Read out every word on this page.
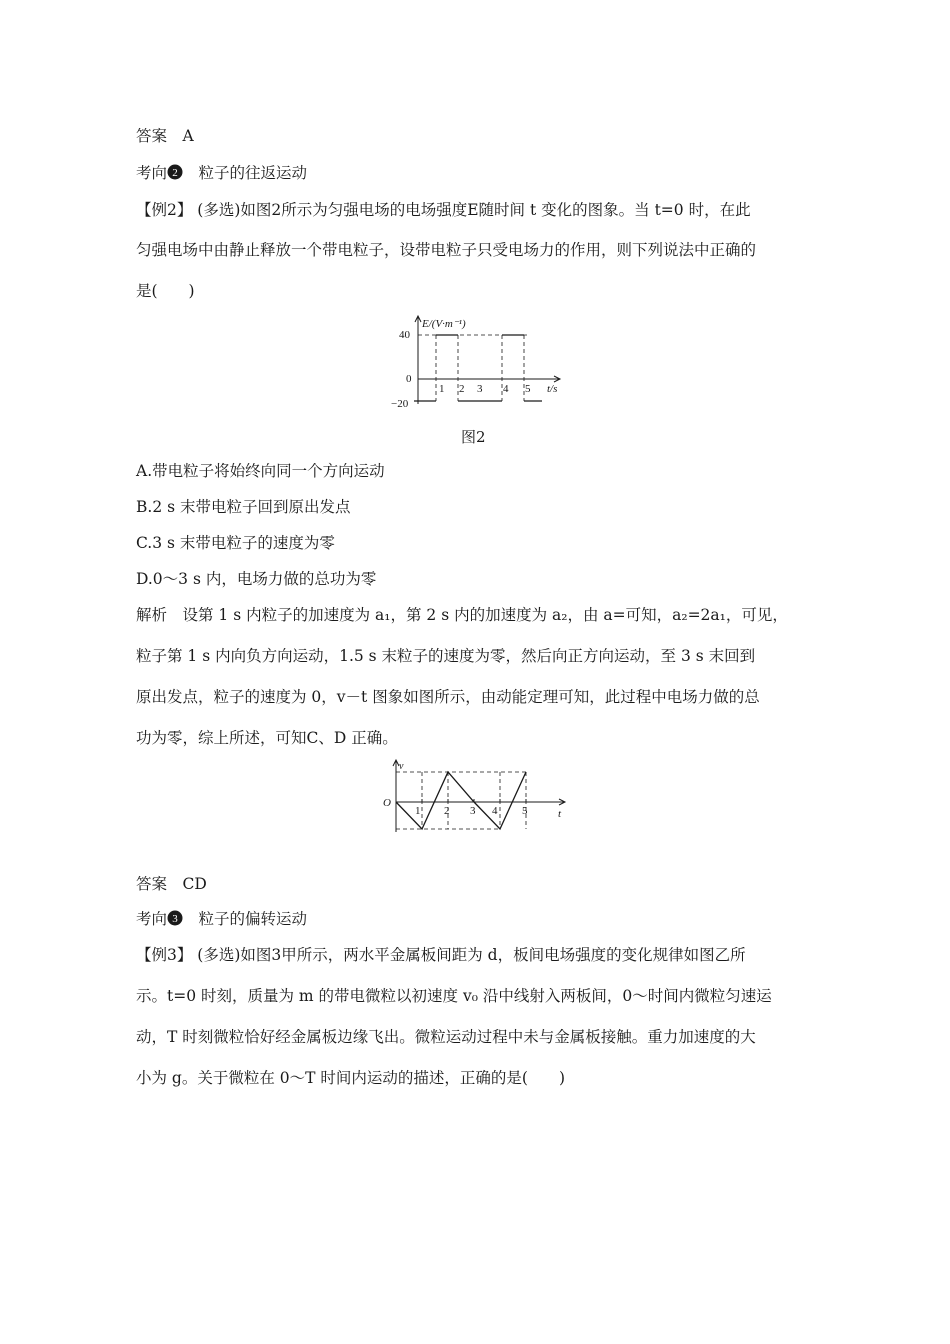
答案　A
考向 2
　 粒子的往返运动
【例2】 (多选)如图2所示为匀强电场的电场强度E随时间 t 变化的图象。当 t=0 时，在此
匀强电场中由静止释放一个带电粒子，设带电粒子只受电场力的作用，则下列说法中正确的
是(　　)
E/(V·m⁻¹)
t/s
40
0
−20
1 2 3 4 5
图2
A.带电粒子将始终向同一个方向运动
B.2 s 末带电粒子回到原出发点
C.3 s 末带电粒子的速度为零
D.0～3 s 内，电场力做的总功为零
解析　设第 1 s 内粒子的加速度为 a₁，第 2 s 内的加速度为 a₂，由 a=可知，a₂=2a₁，可见，
粒子第 1 s 内向负方向运动，1.5 s 末粒子的速度为零，然后向正方向运动，至 3 s 末回到
原出发点，粒子的速度为 0，v－t 图象如图所示，由动能定理可知，此过程中电场力做的总
功为零，综上所述，可知C、D 正确。
v
t
O
1 2 3 4 5
答案　CD
考向 3
　 粒子的偏转运动
【例3】 (多选)如图3甲所示，两水平金属板间距为 d，板间电场强度的变化规律如图乙所
示。t=0 时刻，质量为 m 的带电微粒以初速度 v₀ 沿中线射入两板间，0～时间内微粒匀速运
动，T 时刻微粒恰好经金属板边缘飞出。微粒运动过程中未与金属板接触。重力加速度的大
小为 g。关于微粒在 0～T 时间内运动的描述，正确的是(　　)
